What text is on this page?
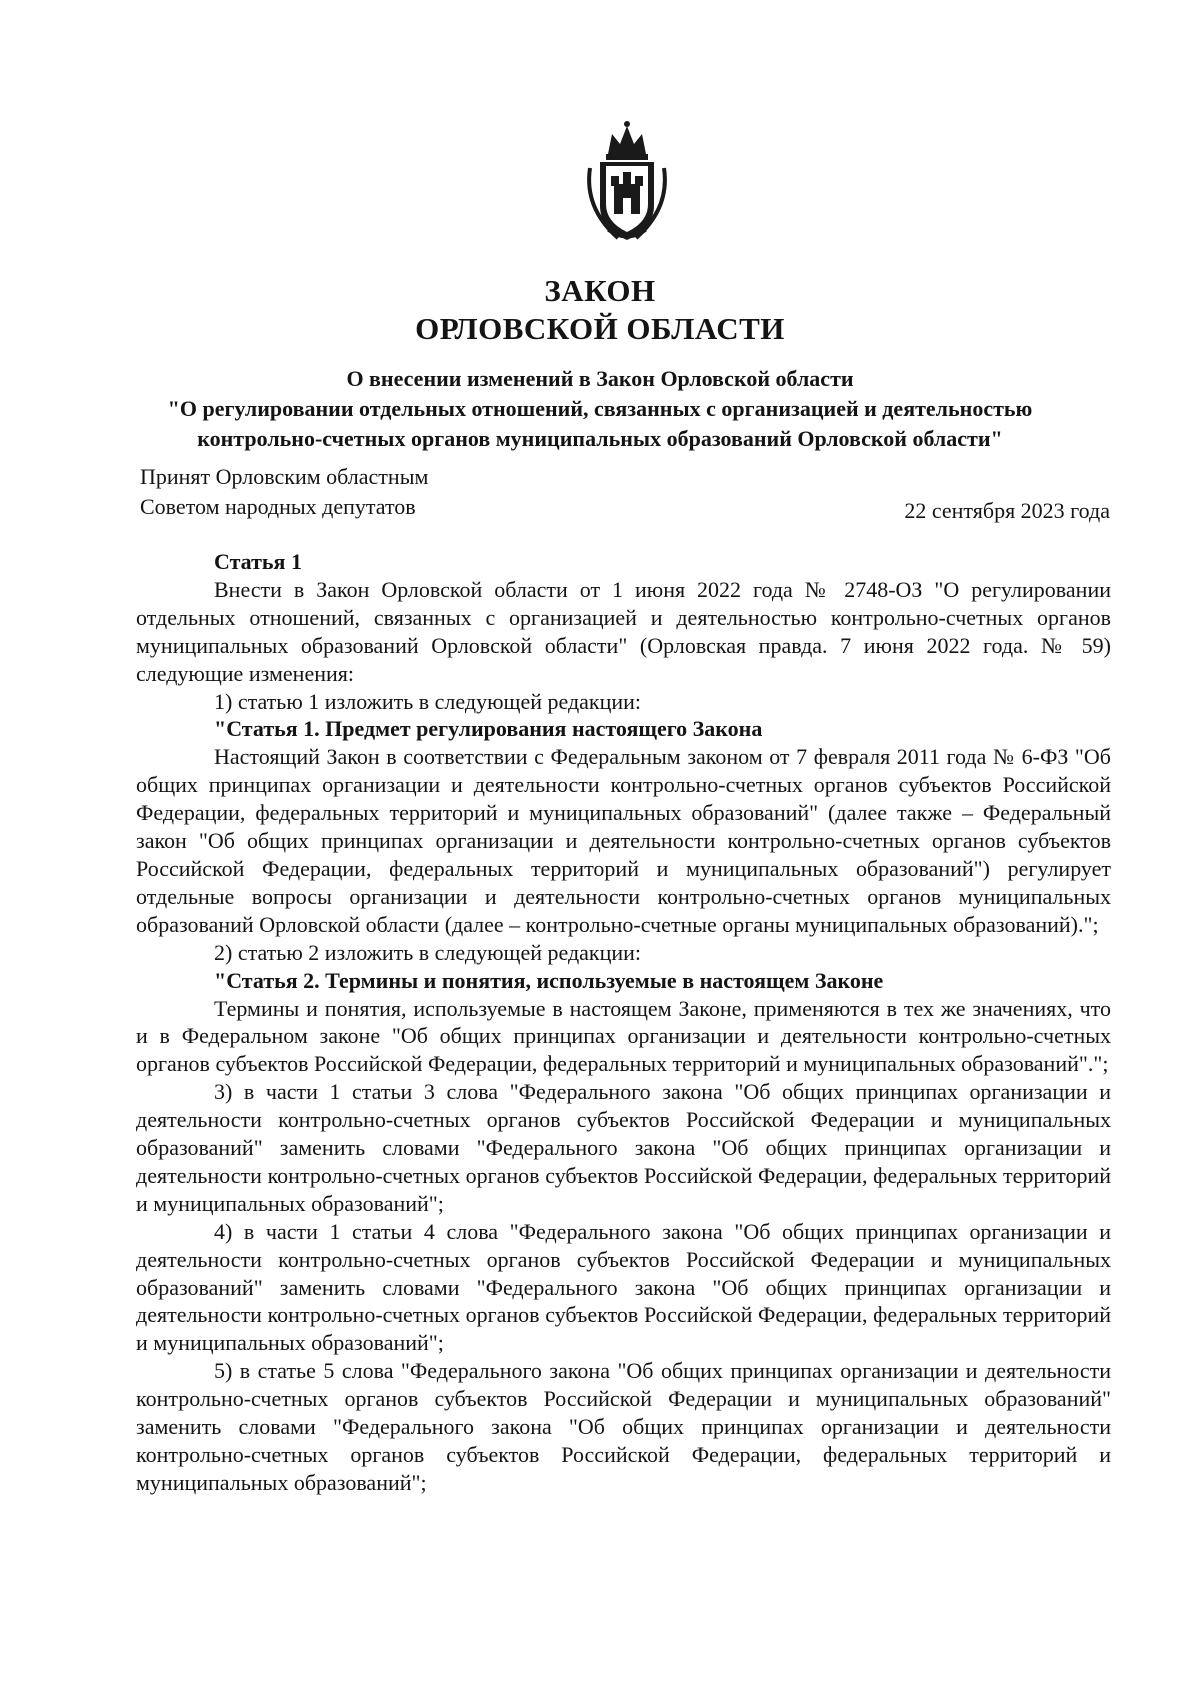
ЗАКОН
ОРЛОВСКОЙ ОБЛАСТИ
О внесении изменений в Закон Орловской области
"О регулировании отдельных отношений, связанных с организацией и деятельностью
контрольно-счетных органов муниципальных образований Орловской области"
Принят Орловским областным
Советом народных депутатов	22 сентября 2023 года

Статья 1

Внести в Закон Орловской области от 1 июня 2022 года № 2748-ОЗ "О регулировании отдельных отношений, связанных с организацией и деятельностью контрольно-счетных органов муниципальных образований Орловской области" (Орловская правда. 7 июня 2022 года. № 59) следующие изменения:

1) статью 1 изложить в следующей редакции:

"Статья 1. Предмет регулирования настоящего Закона

Настоящий Закон в соответствии с Федеральным законом от 7 февраля 2011 года № 6-ФЗ "Об общих принципах организации и деятельности контрольно-счетных органов субъектов Российской Федерации, федеральных территорий и муниципальных образований" (далее также – Федеральный закон "Об общих принципах организации и деятельности контрольно-счетных органов субъектов Российской Федерации, федеральных территорий и муниципальных образований") регулирует отдельные вопросы организации и деятельности контрольно-счетных органов муниципальных образований Орловской области (далее – контрольно-счетные органы муниципальных образований).";

2) статью 2 изложить в следующей редакции:

"Статья 2. Термины и понятия, используемые в настоящем Законе

Термины и понятия, используемые в настоящем Законе, применяются в тех же значениях, что и в Федеральном законе "Об общих принципах организации и деятельности контрольно-счетных органов субъектов Российской Федерации, федеральных территорий и муниципальных образований".";

3) в части 1 статьи 3 слова "Федерального закона "Об общих принципах организации и деятельности контрольно-счетных органов субъектов Российской Федерации и муниципальных образований" заменить словами "Федерального закона "Об общих принципах организации и деятельности контрольно-счетных органов субъектов Российской Федерации, федеральных территорий и муниципальных образований";

4) в части 1 статьи 4 слова "Федерального закона "Об общих принципах организации и деятельности контрольно-счетных органов субъектов Российской Федерации и муниципальных образований" заменить словами "Федерального закона "Об общих принципах организации и деятельности контрольно-счетных органов субъектов Российской Федерации, федеральных территорий и муниципальных образований";

5) в статье 5 слова "Федерального закона "Об общих принципах организации и деятельности контрольно-счетных органов субъектов Российской Федерации и муниципальных образований" заменить словами "Федерального закона "Об общих принципах организации и деятельности контрольно-счетных органов субъектов Российской Федерации, федеральных территорий и муниципальных образований";
